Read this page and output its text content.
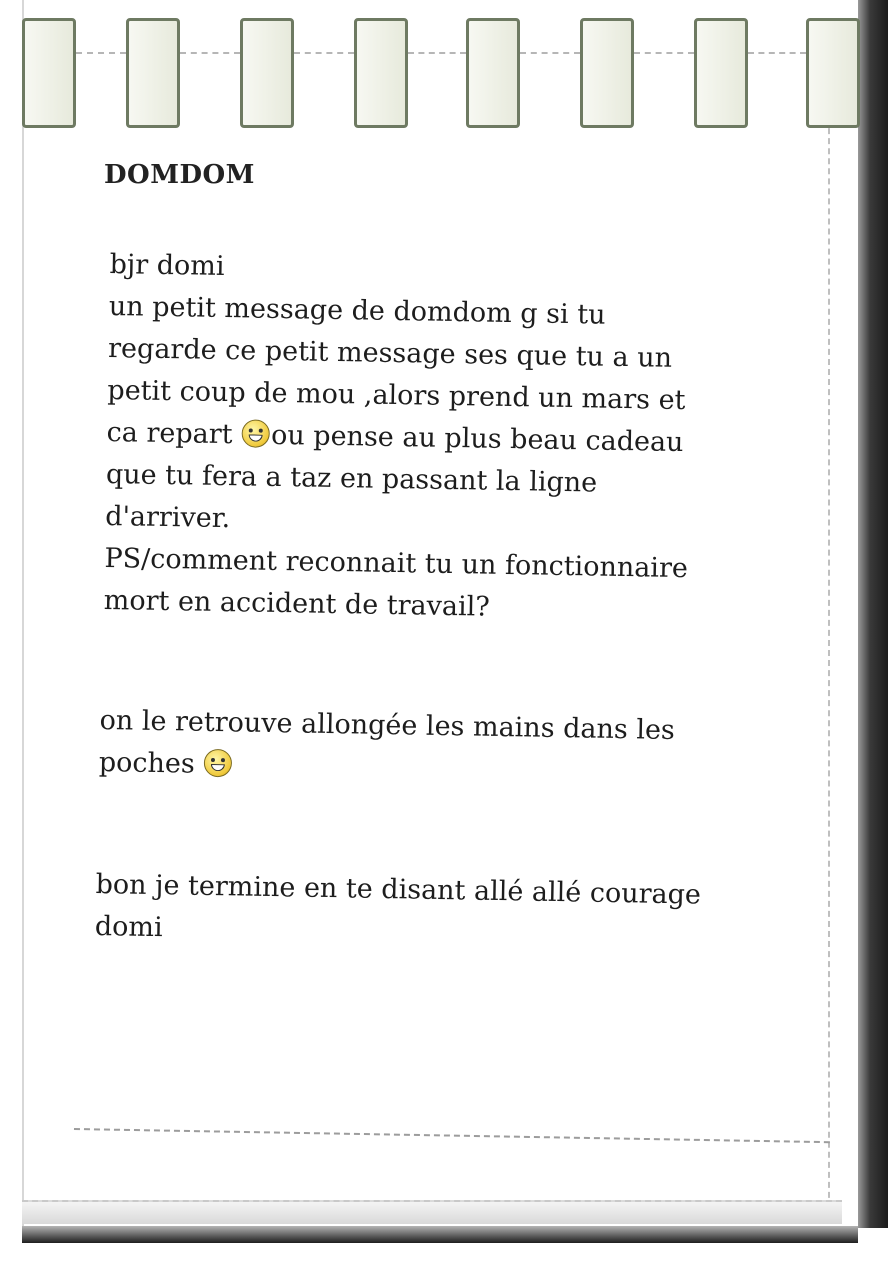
DOMDOM
bjr domi
un petit message de domdom g si tu
regarde ce petit message ses que tu a un
petit coup de mou ,alors prend un mars et
ca repart ou pense au plus beau cadeau
que tu fera a taz en passant la ligne
d'arriver.
PS/comment reconnait tu un fonctionnaire
mort en accident de travail?
on le retrouve allongée les mains dans les
poches
bon je termine en te disant allé allé courage
domi
